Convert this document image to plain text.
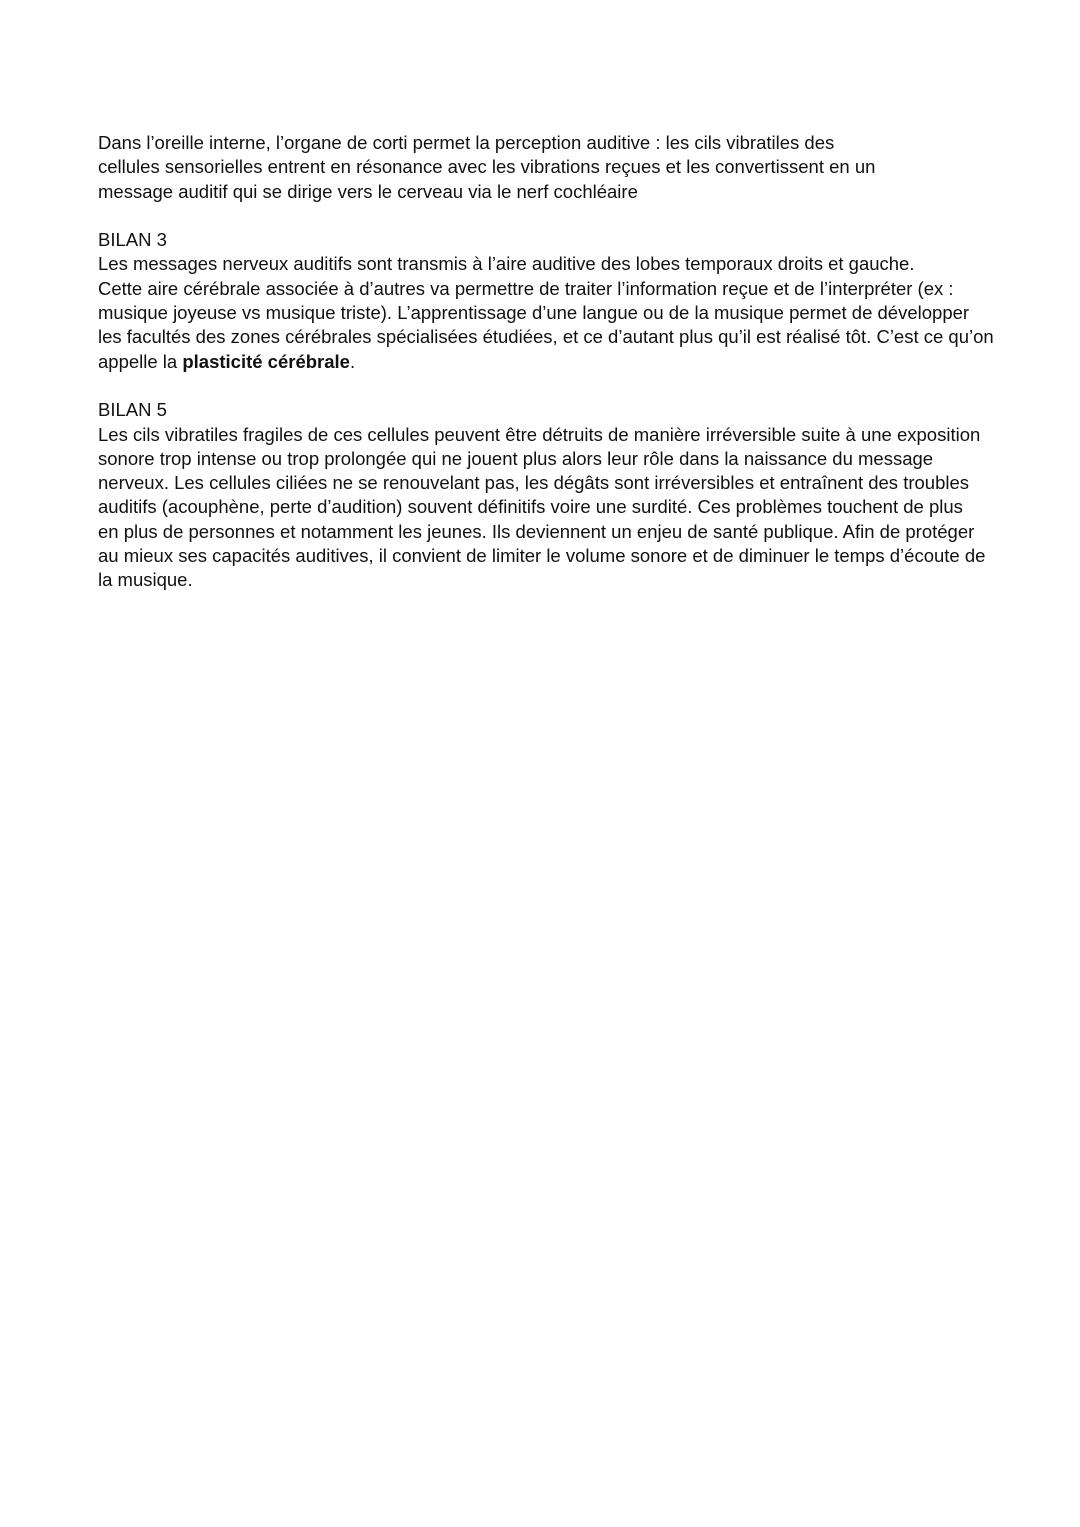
Dans l’oreille interne, l’organe de corti permet la perception auditive : les cils vibratiles des
cellules sensorielles entrent en résonance avec les vibrations reçues et les convertissent en un
message auditif qui se dirige vers le cerveau via le nerf cochléaire

BILAN 3

Les messages nerveux auditifs sont transmis à l’aire auditive des lobes temporaux droits et gauche.
Cette aire cérébrale associée à d’autres va permettre de traiter l’information reçue et de l’interpréter (ex :
musique joyeuse vs musique triste). L’apprentissage d’une langue ou de la musique permet de développer
les facultés des zones cérébrales spécialisées étudiées, et ce d’autant plus qu’il est réalisé tôt. C’est ce qu’on
appelle la plasticité cérébrale.

BILAN 5

Les cils vibratiles fragiles de ces cellules peuvent être détruits de manière irréversible suite à une exposition
sonore trop intense ou trop prolongée qui ne jouent plus alors leur rôle dans la naissance du message
nerveux. Les cellules ciliées ne se renouvelant pas, les dégâts sont irréversibles et entraînent des troubles
auditifs (acouphène, perte d’audition) souvent définitifs voire une surdité. Ces problèmes touchent de plus
en plus de personnes et notamment les jeunes. Ils deviennent un enjeu de santé publique. Afin de protéger
au mieux ses capacités auditives, il convient de limiter le volume sonore et de diminuer le temps d’écoute de
la musique.
